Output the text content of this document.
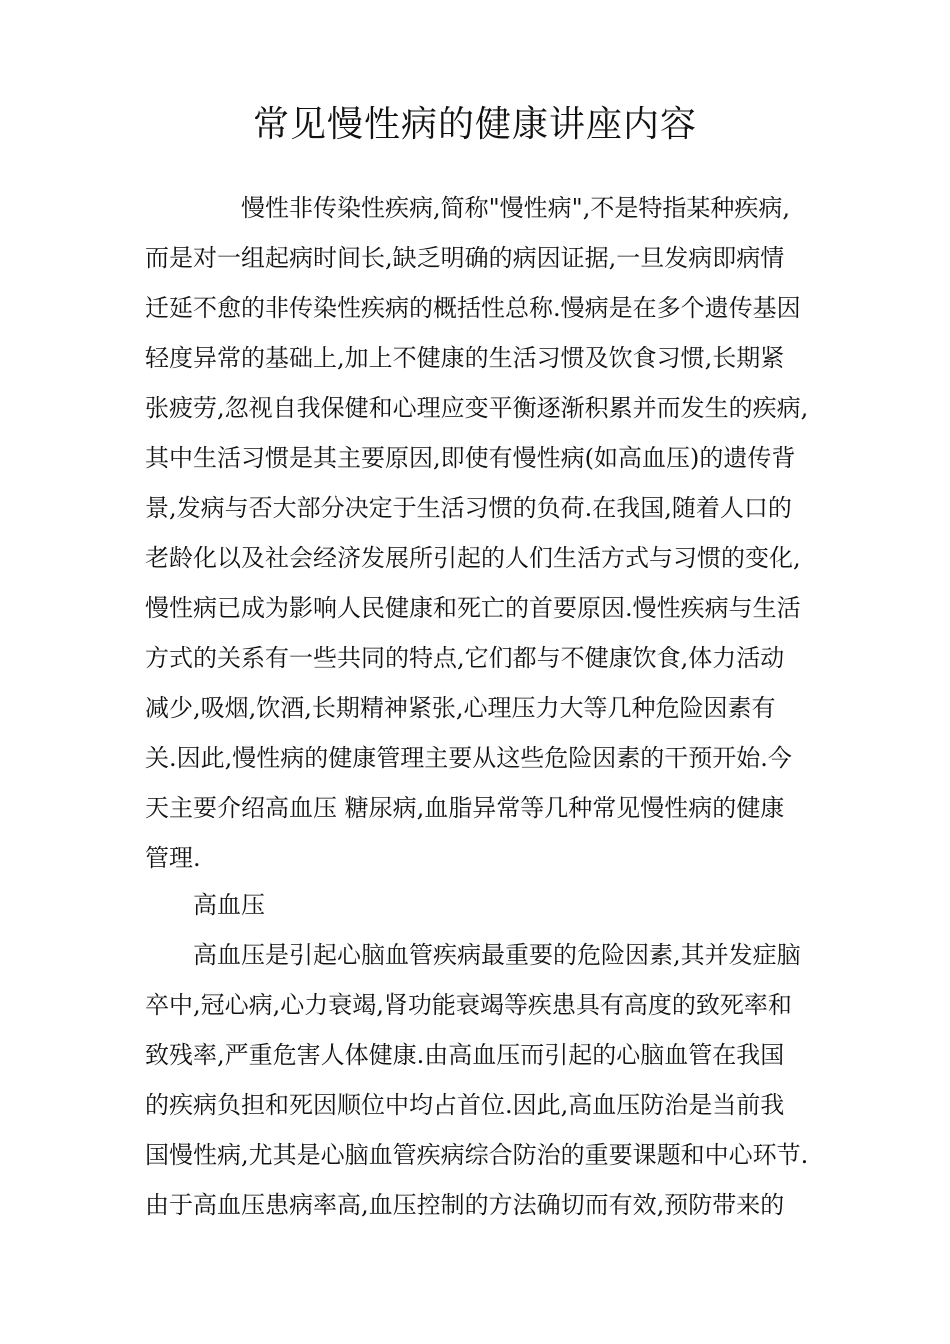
常见慢性病的健康讲座内容
　　　　慢性非传染性疾病,简称"慢性病",不是特指某种疾病,
而是对一组起病时间长,缺乏明确的病因证据,一旦发病即病情
迁延不愈的非传染性疾病的概括性总称.慢病是在多个遗传基因
轻度异常的基础上,加上不健康的生活习惯及饮食习惯,长期紧
张疲劳,忽视自我保健和心理应变平衡逐渐积累并而发生的疾病,
其中生活习惯是其主要原因,即使有慢性病(如高血压)的遗传背
景,发病与否大部分决定于生活习惯的负荷.在我国,随着人口的
老龄化以及社会经济发展所引起的人们生活方式与习惯的变化,
慢性病已成为影响人民健康和死亡的首要原因.慢性疾病与生活
方式的关系有一些共同的特点,它们都与不健康饮食,体力活动
减少,吸烟,饮酒,长期精神紧张,心理压力大等几种危险因素有
关.因此,慢性病的健康管理主要从这些危险因素的干预开始.今
天主要介绍高血压 糖尿病,血脂异常等几种常见慢性病的健康
管理.
　　高血压
　　高血压是引起心脑血管疾病最重要的危险因素,其并发症脑
卒中,冠心病,心力衰竭,肾功能衰竭等疾患具有高度的致死率和
致残率,严重危害人体健康.由高血压而引起的心脑血管在我国
的疾病负担和死因顺位中均占首位.因此,高血压防治是当前我
国慢性病,尤其是心脑血管疾病综合防治的重要课题和中心环节.
由于高血压患病率高,血压控制的方法确切而有效,预防带来的
